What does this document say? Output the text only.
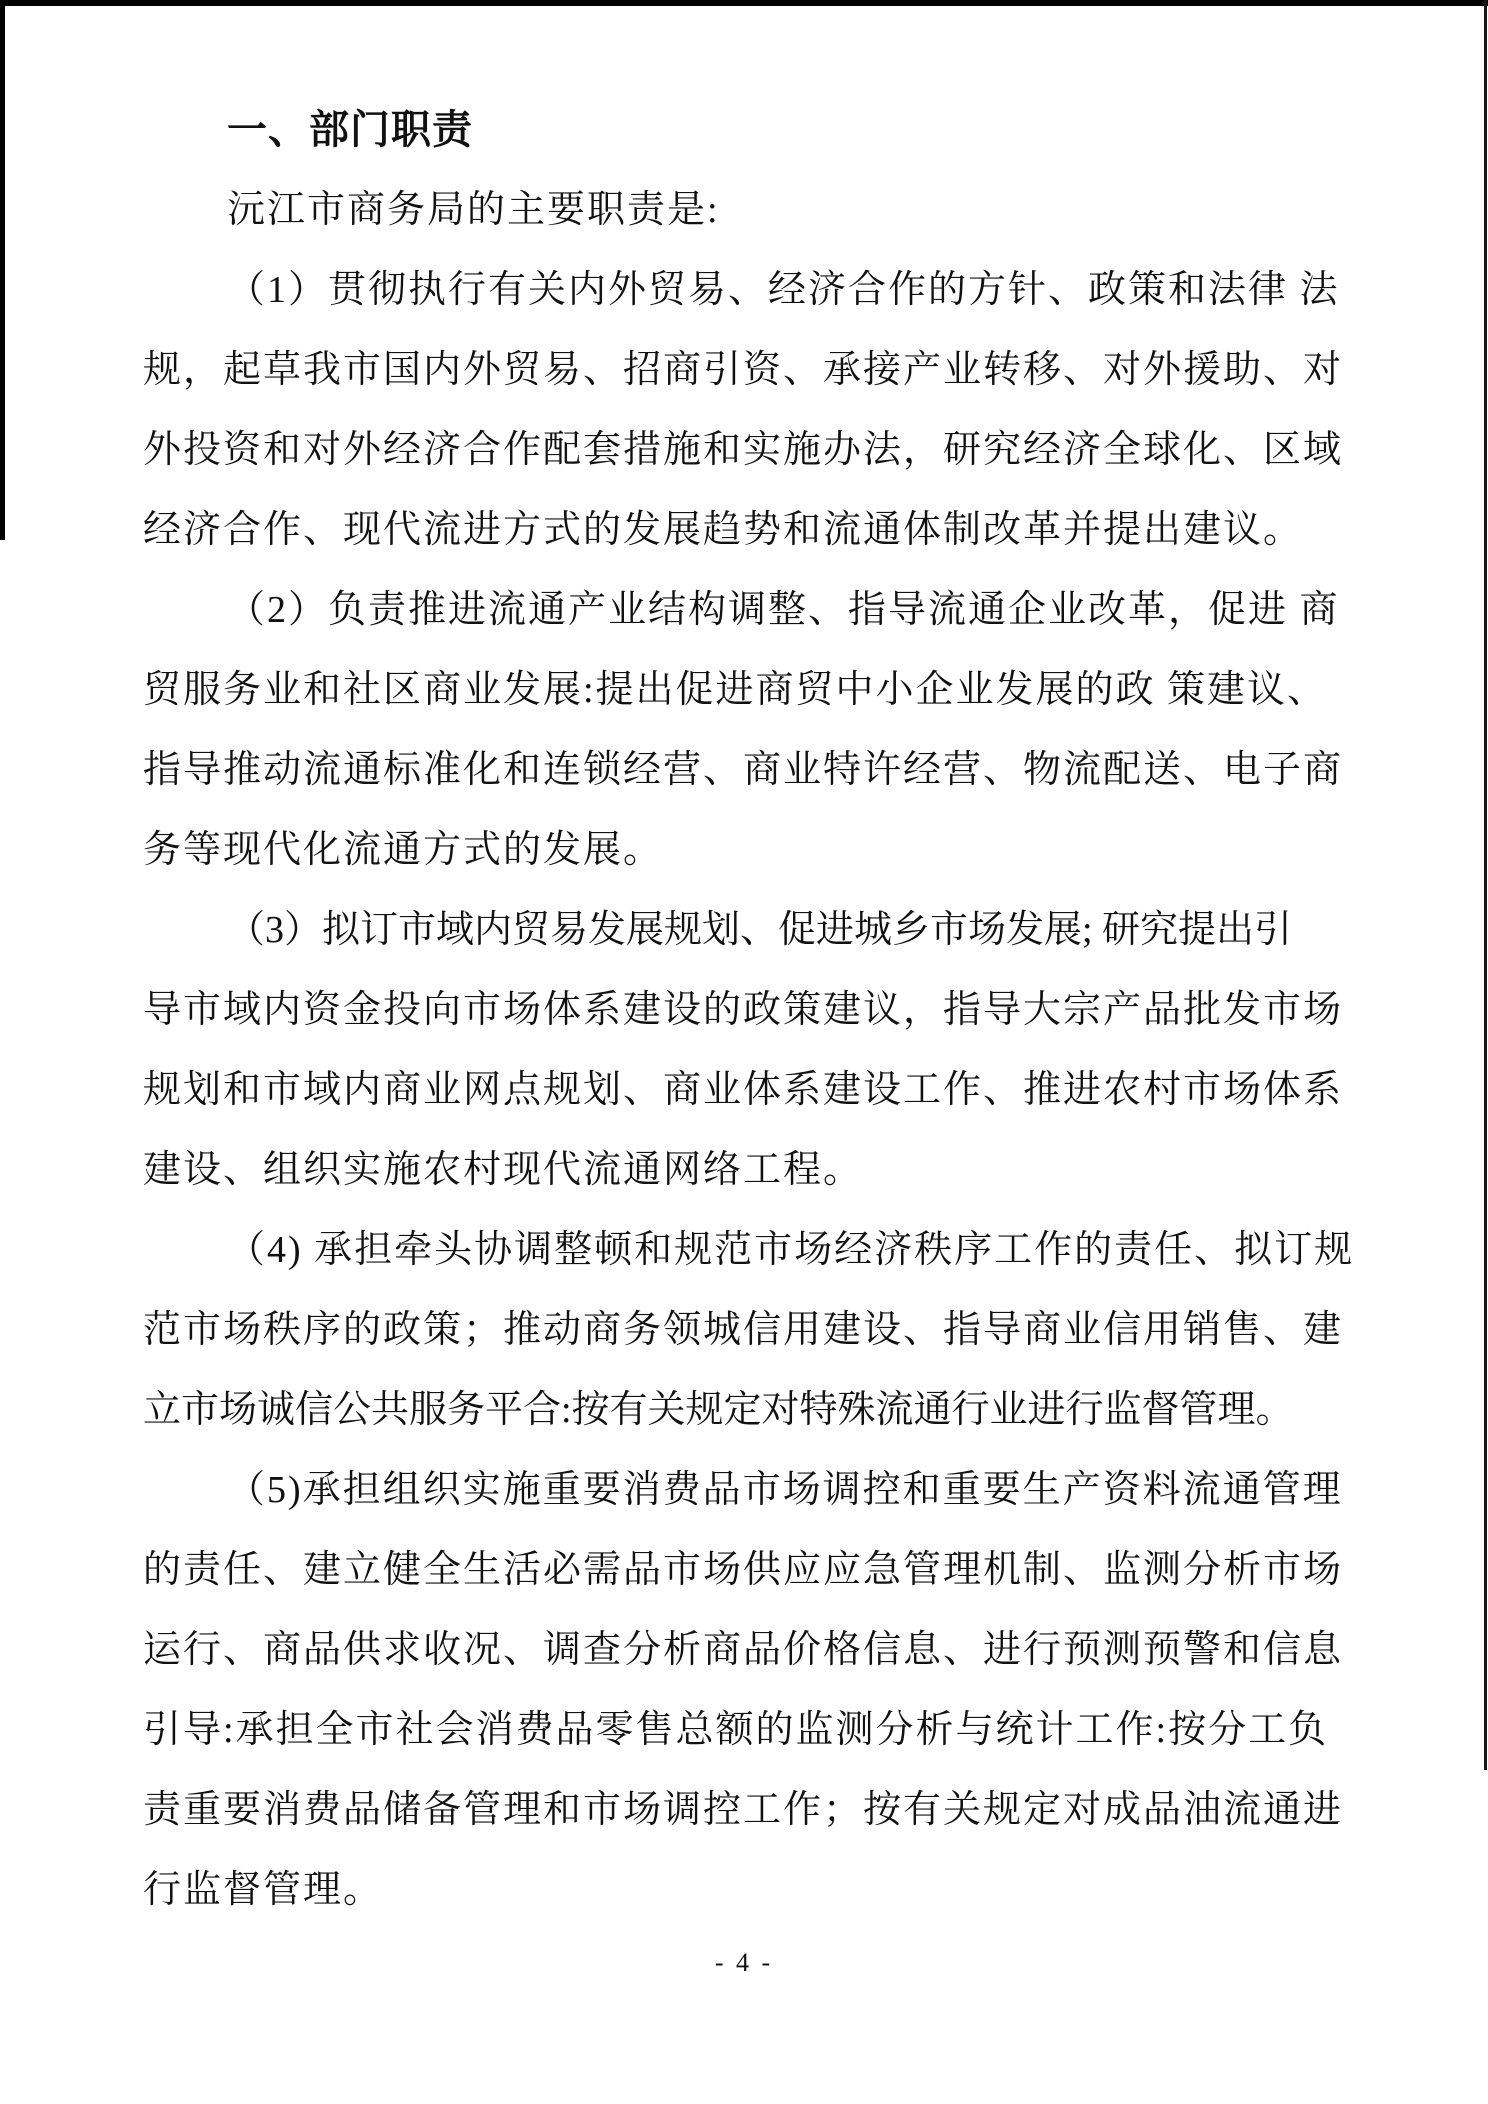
一、部门职责
沅江市商务局的主要职责是:
（1）贯彻执行有关内外贸易、经济合作的方针、政策和法律 法
规，起草我市国内外贸易、招商引资、承接产业转移、对外援助、对
外投资和对外经济合作配套措施和实施办法，研究经济全球化、区域
经济合作、现代流进方式的发展趋势和流通体制改革并提出建议。
（2）负责推进流通产业结构调整、指导流通企业改革，促进 商
贸服务业和社区商业发展:提出促进商贸中小企业发展的政 策建议、
指导推动流通标准化和连锁经营、商业特许经营、物流配送、电子商
务等现代化流通方式的发展。
（3）拟订市域内贸易发展规划、促进城乡市场发展; 研究提出引
导市域内资金投向市场体系建设的政策建议，指导大宗产品批发市场
规划和市域内商业网点规划、商业体系建设工作、推进农村市场体系
建设、组织实施农村现代流通网络工程。
（4) 承担牵头协调整顿和规范市场经济秩序工作的责任、拟订规
范市场秩序的政策；推动商务领城信用建设、指导商业信用销售、建
立市场诚信公共服务平合:按有关规定对特殊流通行业进行监督管理。
（5)承担组织实施重要消费品市场调控和重要生产资料流通管理
的责任、建立健全生活必需品市场供应应急管理机制、监测分析市场
运行、商品供求收况、调查分析商品价格信息、进行预测预警和信息
引导:承担全市社会消费品零售总额的监测分析与统计工作:按分工负
责重要消费品储备管理和市场调控工作；按有关规定对成品油流通进
行监督管理。
- 4 -
